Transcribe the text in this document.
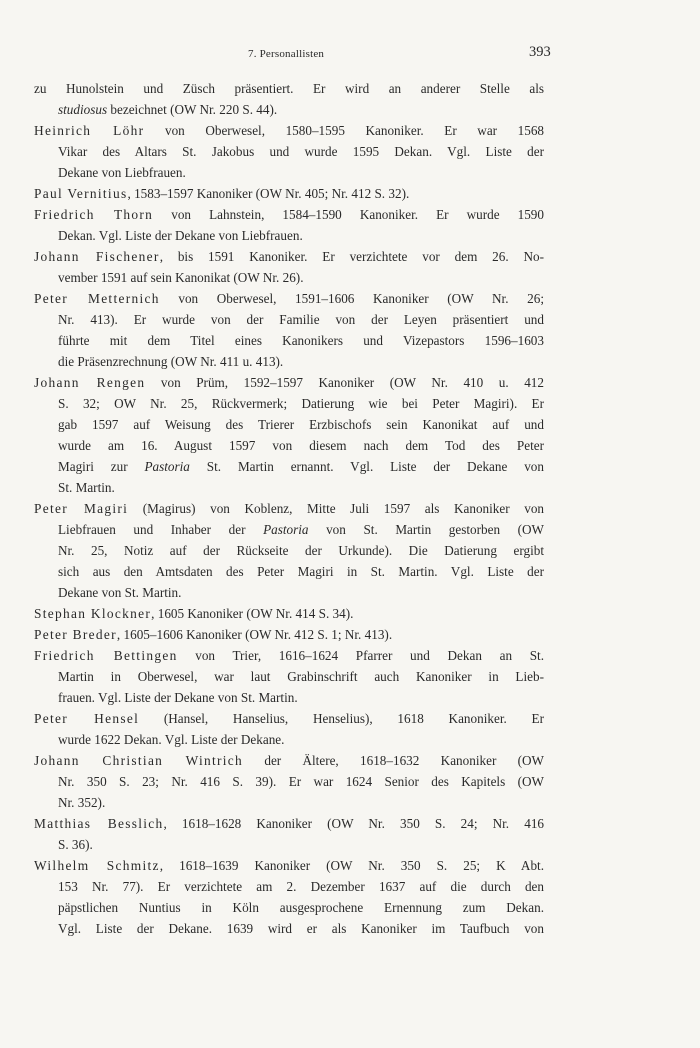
7. Personallisten	393
zu Hunolstein und Züsch präsentiert. Er wird an anderer Stelle als
studiosus bezeichnet (OW Nr. 220 S. 44).
Heinrich Löhr von Oberwesel, 1580–1595 Kanoniker. Er war 1568
Vikar des Altars St. Jakobus und wurde 1595 Dekan. Vgl. Liste der
Dekane von Liebfrauen.
Paul Vernitius, 1583–1597 Kanoniker (OW Nr. 405; Nr. 412 S. 32).
Friedrich Thorn von Lahnstein, 1584–1590 Kanoniker. Er wurde 1590
Dekan. Vgl. Liste der Dekane von Liebfrauen.
Johann Fischener, bis 1591 Kanoniker. Er verzichtete vor dem 26. No-
vember 1591 auf sein Kanonikat (OW Nr. 26).
Peter Metternich von Oberwesel, 1591–1606 Kanoniker (OW Nr. 26;
Nr. 413). Er wurde von der Familie von der Leyen präsentiert und
führte mit dem Titel eines Kanonikers und Vizepastors 1596–1603
die Präsenzrechnung (OW Nr. 411 u. 413).
Johann Rengen von Prüm, 1592–1597 Kanoniker (OW Nr. 410 u. 412
S. 32; OW Nr. 25, Rückvermerk; Datierung wie bei Peter Magiri). Er
gab 1597 auf Weisung des Trierer Erzbischofs sein Kanonikat auf und
wurde am 16. August 1597 von diesem nach dem Tod des Peter
Magiri zur Pastoria St. Martin ernannt. Vgl. Liste der Dekane von
St. Martin.
Peter Magiri (Magirus) von Koblenz, Mitte Juli 1597 als Kanoniker von
Liebfrauen und Inhaber der Pastoria von St. Martin gestorben (OW
Nr. 25, Notiz auf der Rückseite der Urkunde). Die Datierung ergibt
sich aus den Amtsdaten des Peter Magiri in St. Martin. Vgl. Liste der
Dekane von St. Martin.
Stephan Klockner, 1605 Kanoniker (OW Nr. 414 S. 34).
Peter Breder, 1605–1606 Kanoniker (OW Nr. 412 S. 1; Nr. 413).
Friedrich Bettingen von Trier, 1616–1624 Pfarrer und Dekan an St.
Martin in Oberwesel, war laut Grabinschrift auch Kanoniker in Lieb-
frauen. Vgl. Liste der Dekane von St. Martin.
Peter Hensel (Hansel, Hanselius, Henselius), 1618 Kanoniker. Er
wurde 1622 Dekan. Vgl. Liste der Dekane.
Johann Christian Wintrich der Ältere, 1618–1632 Kanoniker (OW
Nr. 350 S. 23; Nr. 416 S. 39). Er war 1624 Senior des Kapitels (OW
Nr. 352).
Matthias Besslich, 1618–1628 Kanoniker (OW Nr. 350 S. 24; Nr. 416
S. 36).
Wilhelm Schmitz, 1618–1639 Kanoniker (OW Nr. 350 S. 25; K Abt.
153 Nr. 77). Er verzichtete am 2. Dezember 1637 auf die durch den
päpstlichen Nuntius in Köln ausgesprochene Ernennung zum Dekan.
Vgl. Liste der Dekane. 1639 wird er als Kanoniker im Taufbuch von
